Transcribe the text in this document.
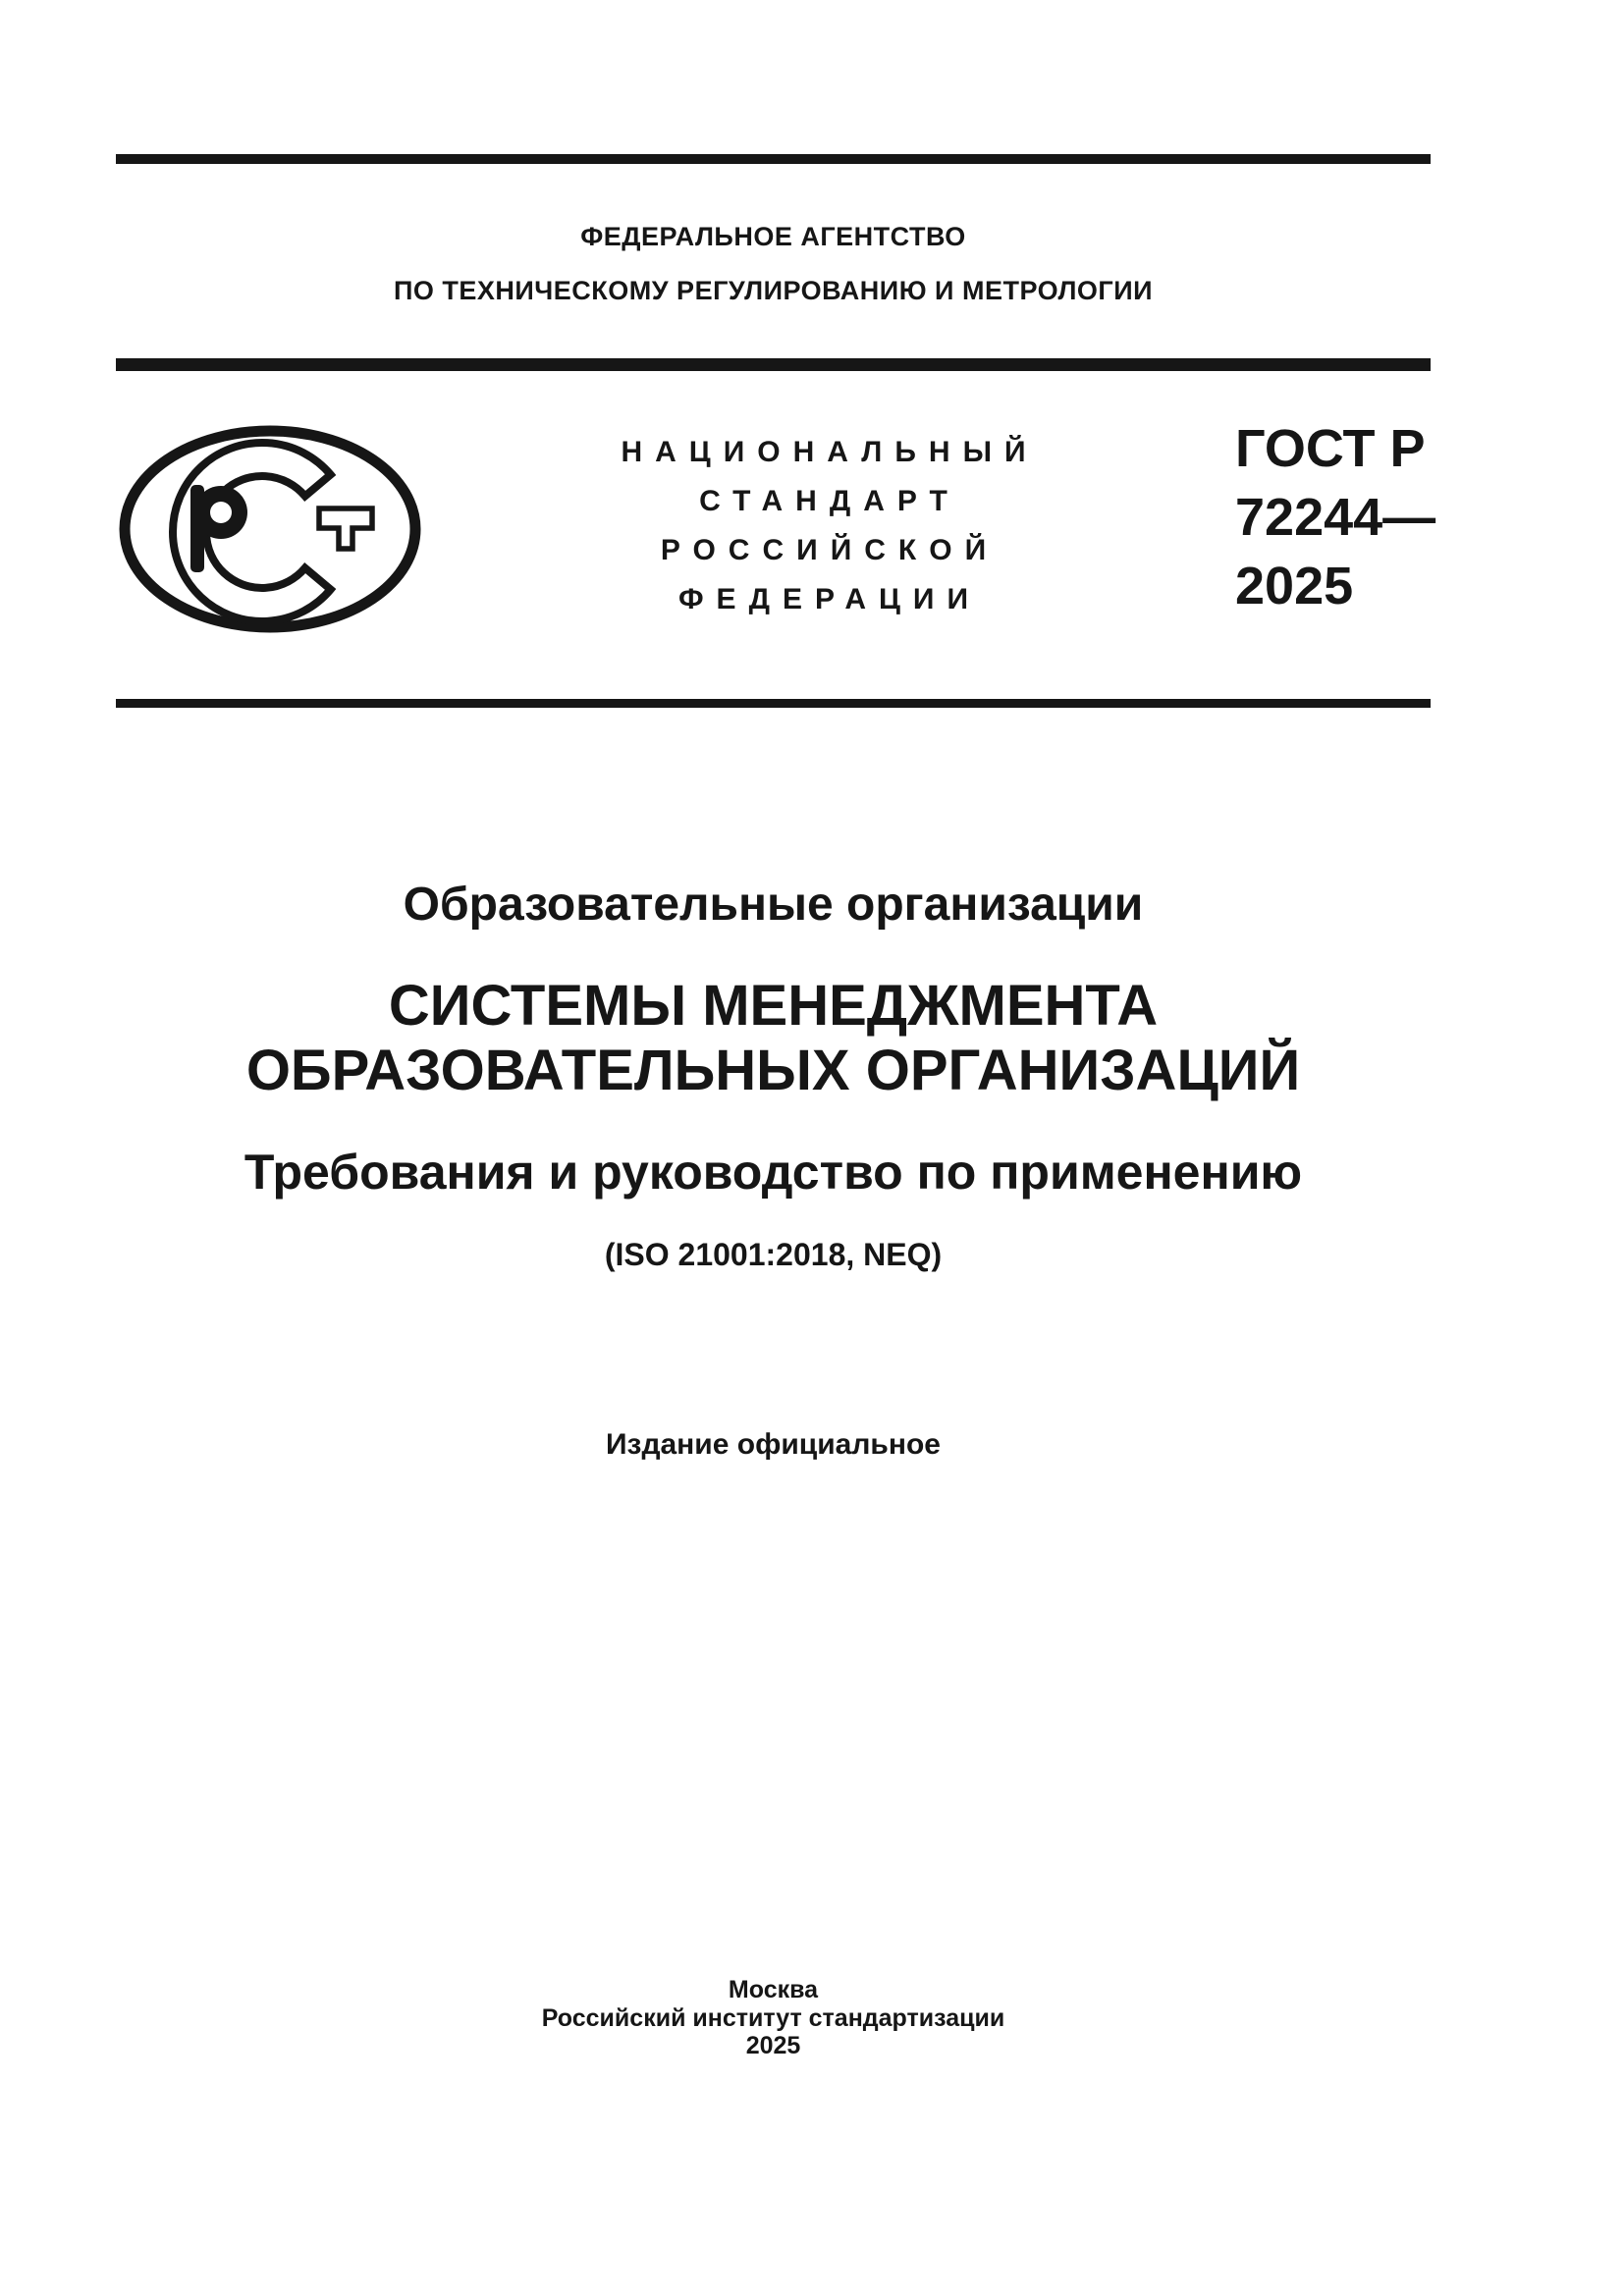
ФЕДЕРАЛЬНОЕ АГЕНТСТВО
ПО ТЕХНИЧЕСКОМУ РЕГУЛИРОВАНИЮ И МЕТРОЛОГИИ
НАЦИОНАЛЬНЫЙ
СТАНДАРТ
РОССИЙСКОЙ
ФЕДЕРАЦИИ
ГОСТ Р
72244—
2025
Образовательные организации
СИСТЕМЫ МЕНЕДЖМЕНТА
ОБРАЗОВАТЕЛЬНЫХ ОРГАНИЗАЦИЙ
Требования и руководство по применению
(ISO 21001:2018, NEQ)
Издание официальное
Москва
Российский институт стандартизации
2025
